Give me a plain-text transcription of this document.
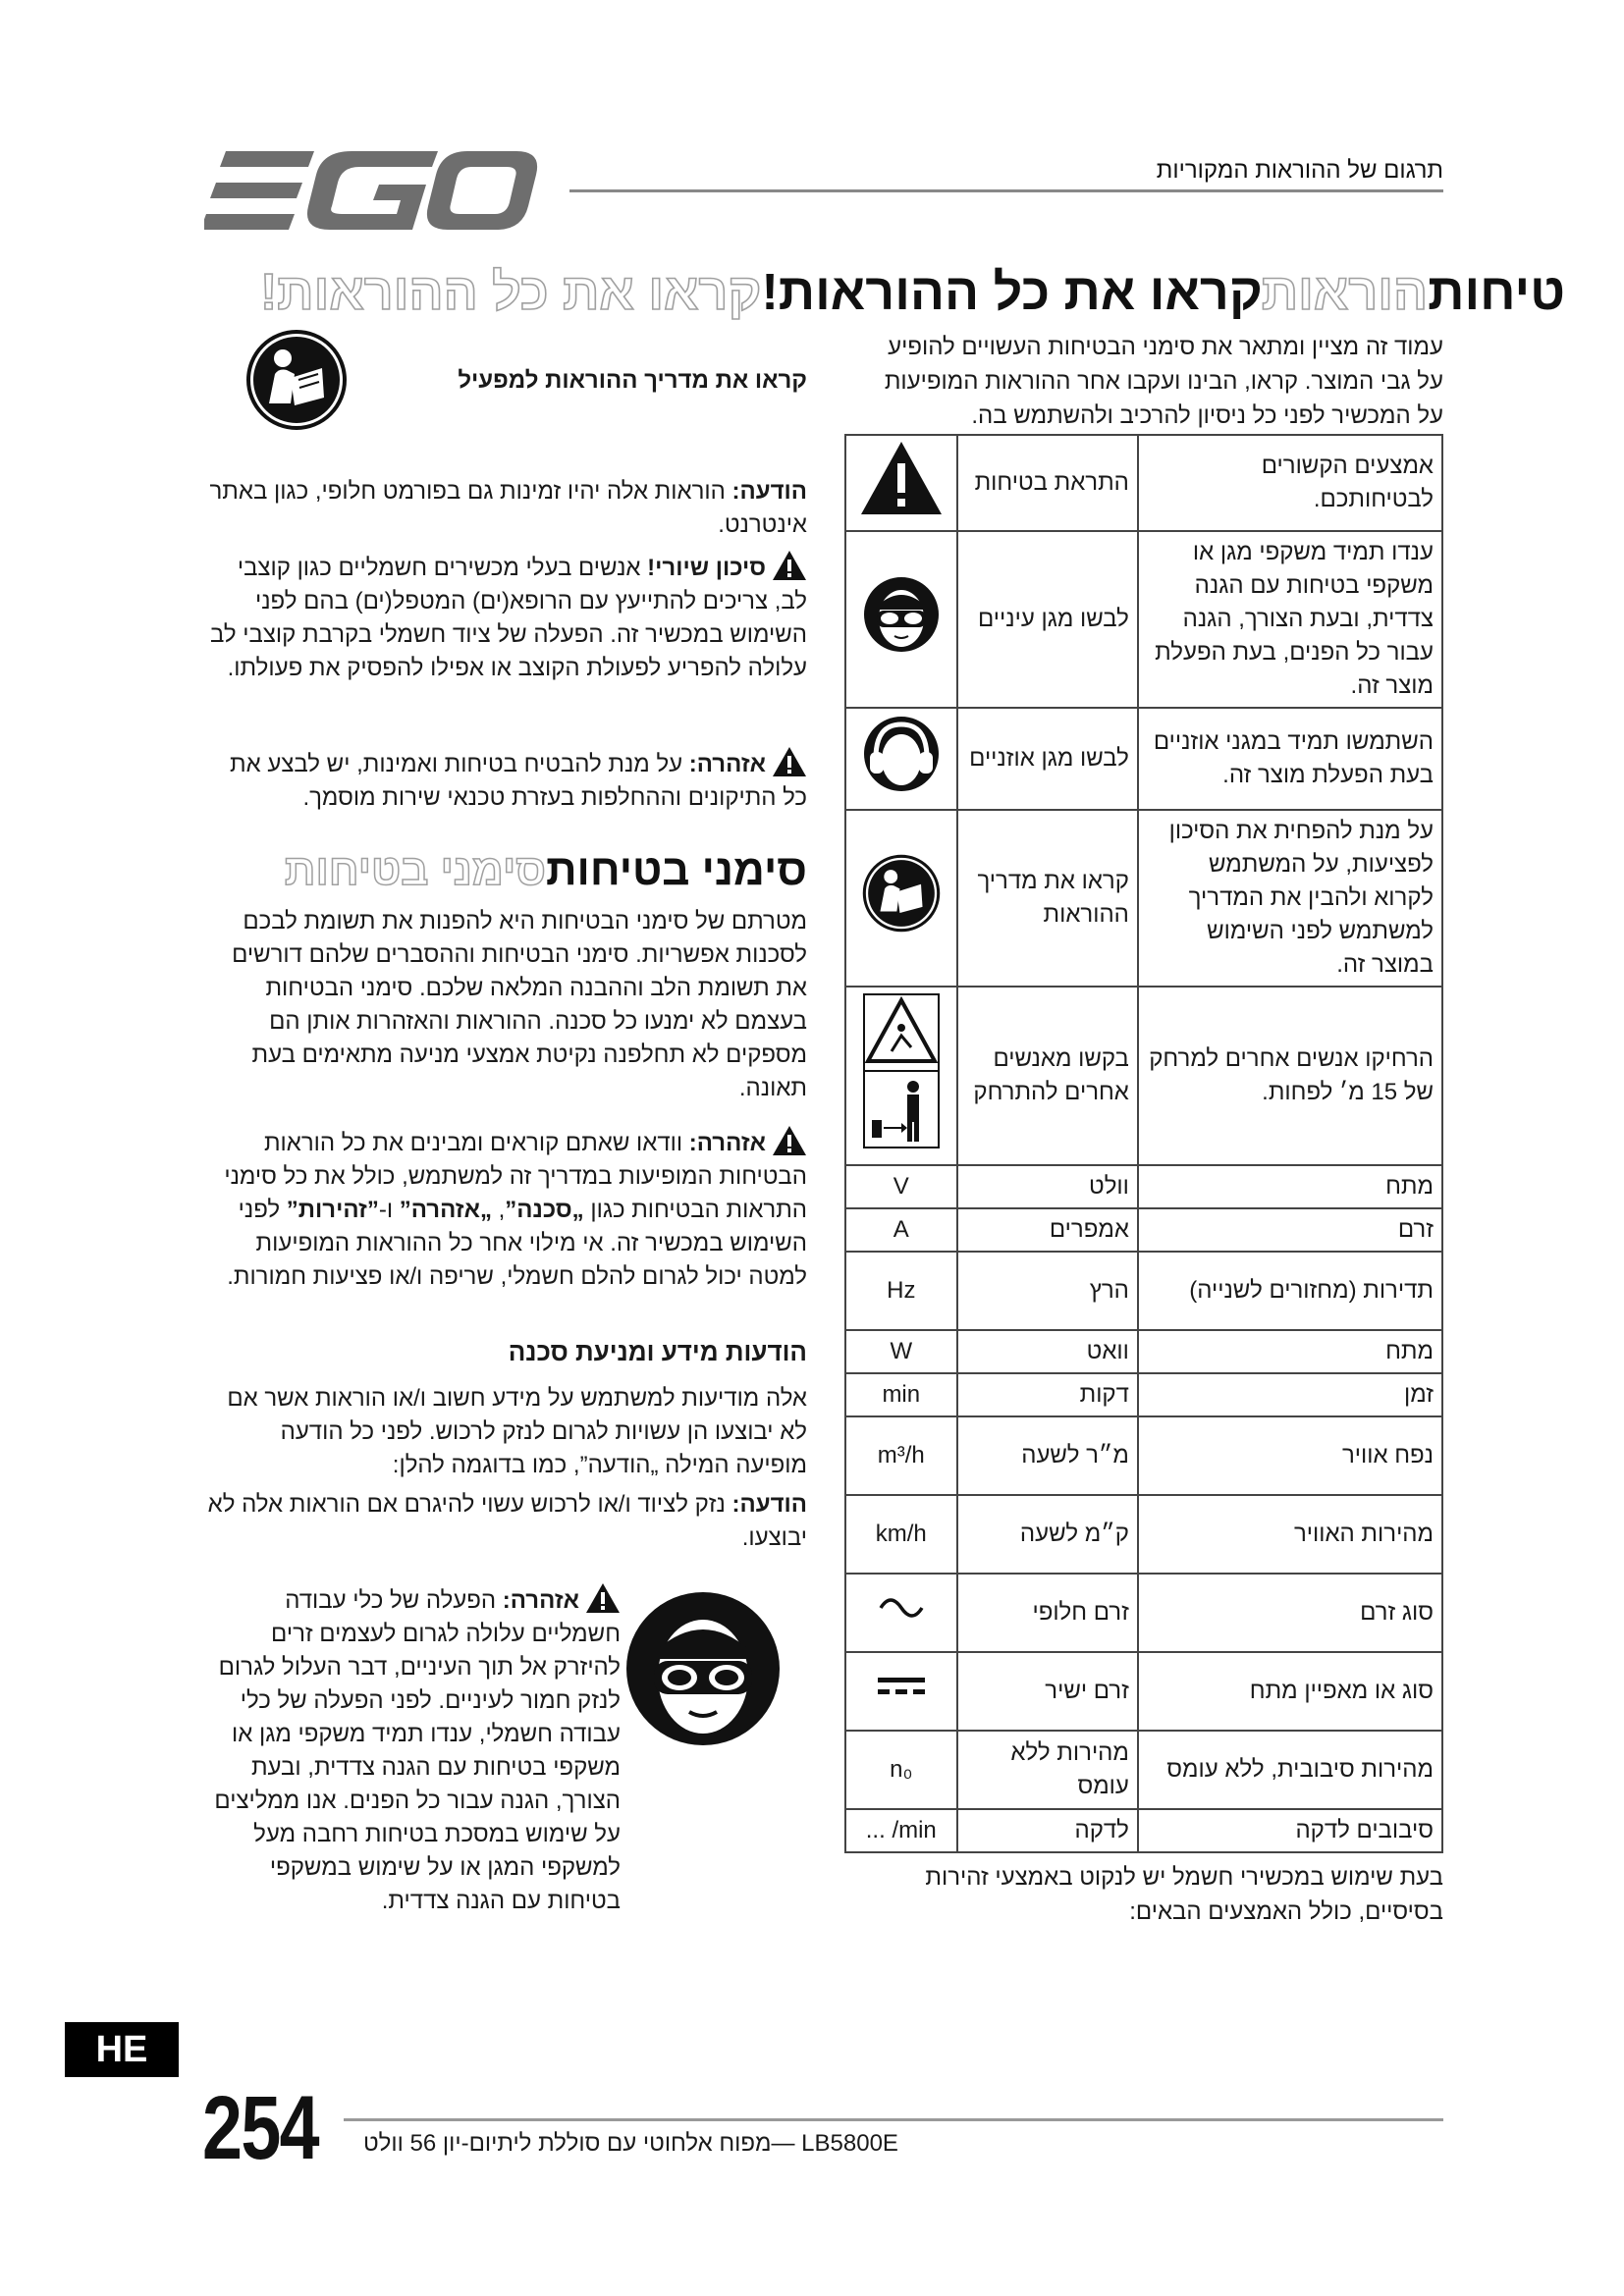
תרגום של ההוראות המקוריות
טיחותהוראותקראו את כל ההוראות!קראו את כל ההוראות!
קראו את מדריך ההוראות למפעיל
הודעה: הוראות אלה יהיו זמינות גם בפורמט חלופי, כגון באתר אינטרנט.
סיכון שיורי! אנשים בעלי מכשירים חשמליים כגון קוצבי לב, צריכים להתייעץ עם הרופא(ים) המטפל(ים) בהם לפני השימוש במכשיר זה. הפעלה של ציוד חשמלי בקרבת קוצבי לב עלולה להפריע לפעולת הקוצב או אפילו להפסיק את פעולתו.
אזהרה: על מנת להבטיח בטיחות ואמינות, יש לבצע את כל התיקונים וההחלפות בעזרת טכנאי שירות מוסמך.
סימני בטיחותסימני בטיחות
מטרתם של סימני הבטיחות היא להפנות את תשומת לבכם לסכנות אפשריות. סימני הבטיחות וההסברים שלהם דורשים את תשומת הלב וההבנה המלאה שלכם. סימני הבטיחות בעצמם לא ימנעו כל סכנה. ההוראות והאזהרות אותן הם מספקים לא תחלפנה נקיטת אמצעי מניעה מתאימים בעת תאונה.
אזהרה: וודאו שאתם קוראים ומבינים את כל הוראות הבטיחות המופיעות במדריך זה למשתמש, כולל את כל סימני התראות הבטיחות כגון „סכנה”, „אזהרה” ו-”זהירות” לפני השימוש במכשיר זה. אי מילוי אחר כל ההוראות המופיעות למטה יכול לגרום להלם חשמלי, שריפה ו/או פציעות חמורות.
הודעות מידע ומניעת סכנה
אלה מודיעות למשתמש על מידע חשוב ו/או הוראות אשר אם לא יבוצעו הן עשויות לגרום לנזק לרכוש. לפני כל הודעה מופיעה המילה „הודעה”, כמו בדוגמה להלן:
הודעה: נזק לציוד ו/או לרכוש עשוי להיגרם אם הוראות אלה לא יבוצעו.
אזהרה: הפעלה של כלי עבודה חשמליים עלולה לגרום לעצמים זרים להיזרק אל תוך העיניים, דבר העלול לגרום לנזק חמור לעיניים. לפני הפעלה של כלי עבודה חשמלי, ענדו תמיד משקפי מגן או משקפי בטיחות עם הגנה צדדית, ובעת הצורך, הגנה עבור כל הפנים. אנו ממליצים על שימוש במסכת בטיחות רחבה מעל למשקפי המגן או על שימוש במשקפי בטיחות עם הגנה צדדית.
עמוד זה מציין ומתאר את סימני הבטיחות העשויים להופיע על גבי המוצר. קראו, הבינו ועקבו אחר ההוראות המופיעות על המכשיר לפני כל ניסיון להרכיב ולהשתמש בה.
אמצעים הקשורים לבטיחותכם.	התראת בטיחות	
ענדו תמיד משקפי מגן או משקפי בטיחות עם הגנה צדדית, ובעת הצורך, הגנה עבור כל הפנים, בעת הפעלת מוצר זה.	לבשו מגן עיניים	
השתמשו תמיד במגני אוזניים בעת הפעלת מוצר זה.	לבשו מגן אוזניים	
על מנת להפחית את הסיכון לפציעות, על המשתמש לקרוא ולהבין את המדריך למשתמש לפני השימוש במוצר זה.	קראו את מדריך ההוראות	
הרחיקו אנשים אחרים למרחק של 15 מ׳ לפחות.	בקשו מאנשים אחרים להתרחק	
מתח	וולט	V
זרם	אמפרים	A
תדירות (מחזורים לשנייה)	הרץ	Hz
מתח	וואט	W
זמן	דקות	min
נפח אוויר	מ״ר לשעה	m³/h
מהירות האוויר	ק״מ לשעה	km/h
סוג זרם	זרם חלופי	
סוג או מאפיין מתח	זרם ישיר	
מהירות סיבובית, ללא עומס	מהירות ללא עומס	n₀
סיבובים לדקה	לדקה	... /min
בעת שימוש במכשירי חשמל יש לנקוט באמצעי זהירות בסיסיים, כולל האמצעים הבאים:
HE
254	LB5800E —מפוח אלחוטי עם סוללת ליתיום-יון 56 וולט
